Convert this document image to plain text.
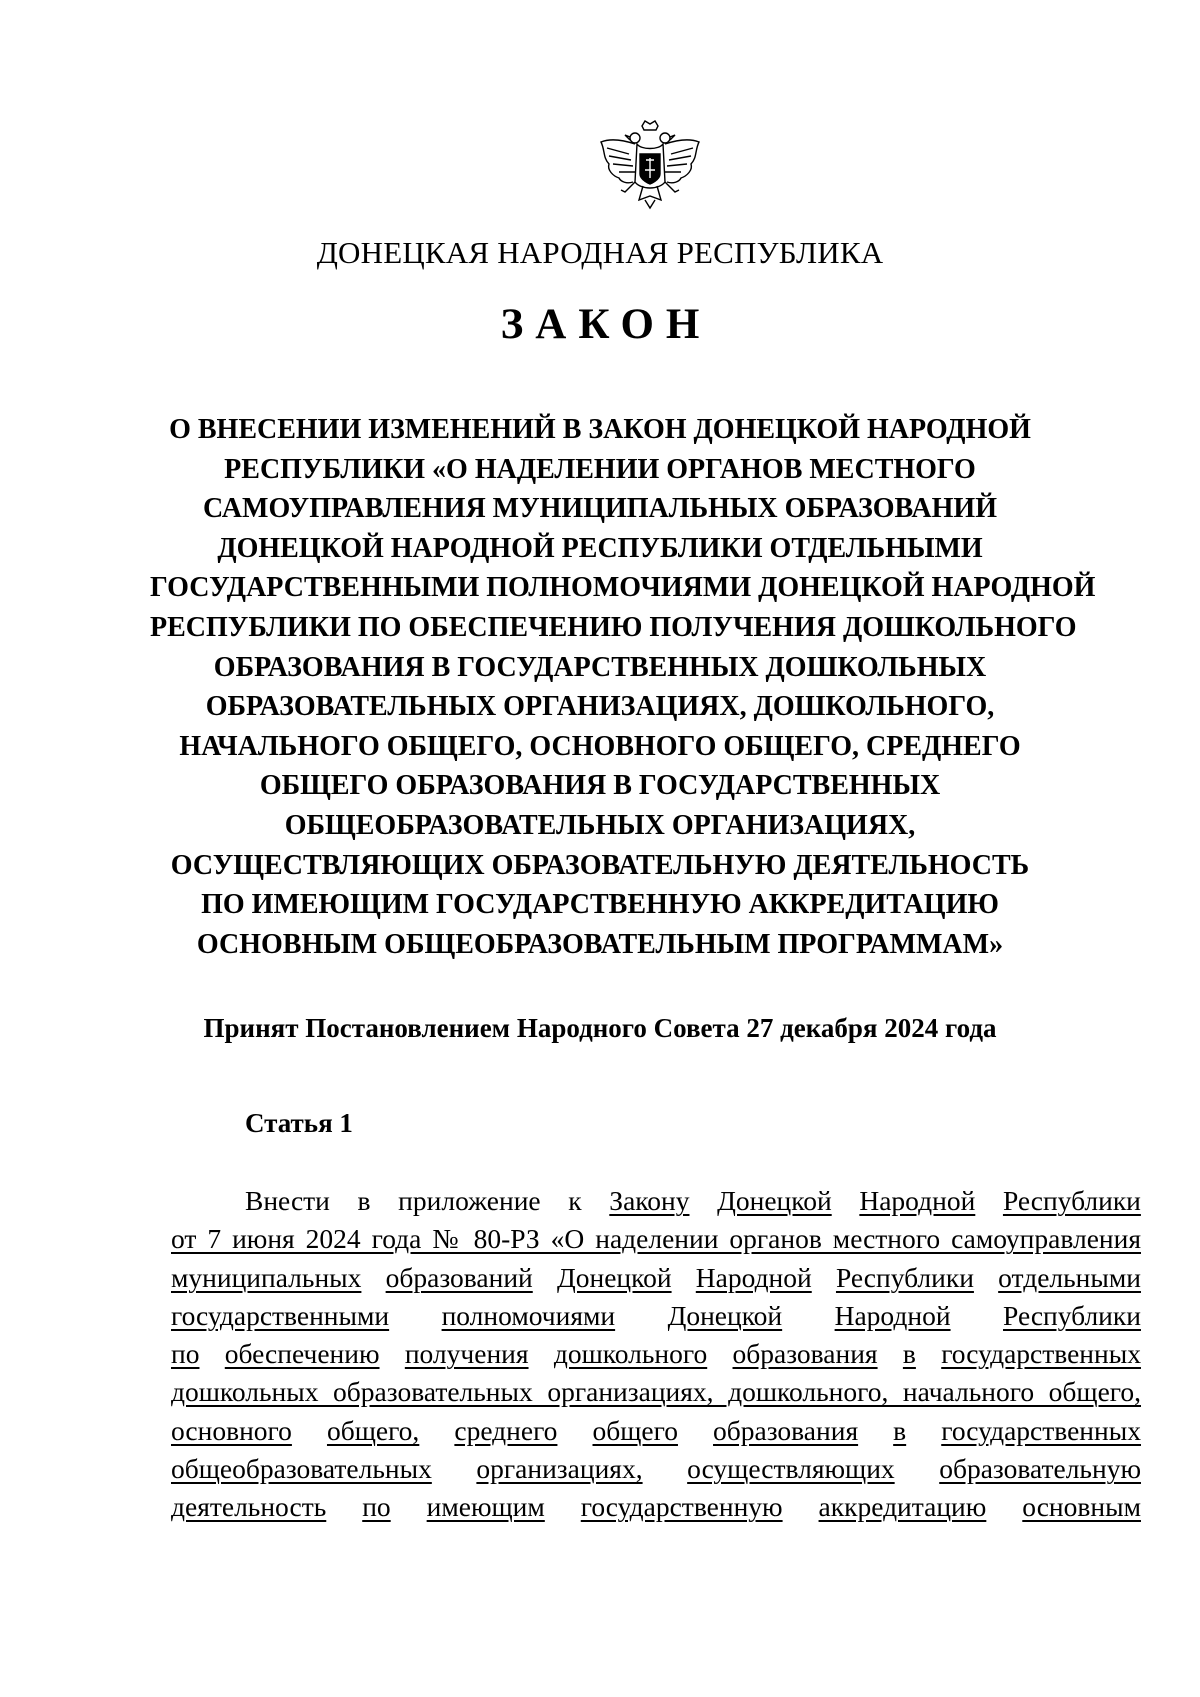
ДОНЕЦКАЯ НАРОДНАЯ РЕСПУБЛИКА
ЗАКОН
О ВНЕСЕНИИ ИЗМЕНЕНИЙ В ЗАКОН ДОНЕЦКОЙ НАРОДНОЙ
РЕСПУБЛИКИ «О НАДЕЛЕНИИ ОРГАНОВ МЕСТНОГО
САМОУПРАВЛЕНИЯ МУНИЦИПАЛЬНЫХ ОБРАЗОВАНИЙ
ДОНЕЦКОЙ НАРОДНОЙ РЕСПУБЛИКИ ОТДЕЛЬНЫМИ
ГОСУДАРСТВЕННЫМИ ПОЛНОМОЧИЯМИ ДОНЕЦКОЙ НАРОДНОЙ
РЕСПУБЛИКИ ПО ОБЕСПЕЧЕНИЮ ПОЛУЧЕНИЯ ДОШКОЛЬНОГО
ОБРАЗОВАНИЯ В ГОСУДАРСТВЕННЫХ ДОШКОЛЬНЫХ
ОБРАЗОВАТЕЛЬНЫХ ОРГАНИЗАЦИЯХ, ДОШКОЛЬНОГО,
НАЧАЛЬНОГО ОБЩЕГО, ОСНОВНОГО ОБЩЕГО, СРЕДНЕГО
ОБЩЕГО ОБРАЗОВАНИЯ В ГОСУДАРСТВЕННЫХ
ОБЩЕОБРАЗОВАТЕЛЬНЫХ ОРГАНИЗАЦИЯХ,
ОСУЩЕСТВЛЯЮЩИХ ОБРАЗОВАТЕЛЬНУЮ ДЕЯТЕЛЬНОСТЬ
ПО ИМЕЮЩИМ ГОСУДАРСТВЕННУЮ АККРЕДИТАЦИЮ
ОСНОВНЫМ ОБЩЕОБРАЗОВАТЕЛЬНЫМ ПРОГРАММАМ»
Принят Постановлением Народного Совета 27 декабря 2024 года
Статья 1
Внести в приложение к Закону Донецкой Народной Республики
от 7 июня 2024 года № 80-РЗ «О наделении органов местного самоуправления
муниципальных образований Донецкой Народной Республики отдельными
государственными полномочиями Донецкой Народной Республики
по обеспечению получения дошкольного образования в государственных
дошкольных образовательных организациях, дошкольного, начального общего,
основного общего, среднего общего образования в государственных
общеобразовательных организациях, осуществляющих образовательную
деятельность по имеющим государственную аккредитацию основным
